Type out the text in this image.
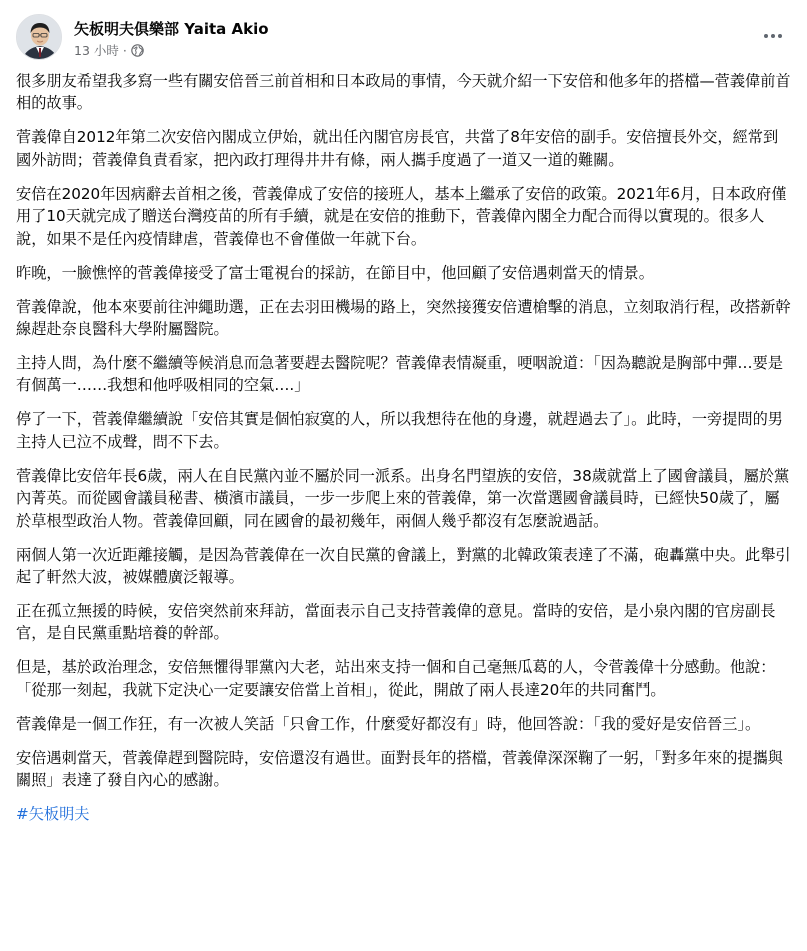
矢板明夫俱樂部 Yaita Akio
13 小時 ·

很多朋友希望我多寫一些有關安倍晉三前首相和日本政局的事情，今天就介紹一下安倍和他多年的搭檔—菅義偉前首相的故事。

菅義偉自2012年第二次安倍內閣成立伊始，就出任內閣官房長官，共當了8年安倍的副手。安倍擅長外交，經常到國外訪問；菅義偉負責看家，把內政打理得井井有條，兩人攜手度過了一道又一道的難關。

安倍在2020年因病辭去首相之後，菅義偉成了安倍的接班人，基本上繼承了安倍的政策。2021年6月，日本政府僅用了10天就完成了贈送台灣疫苗的所有手續，就是在安倍的推動下，菅義偉內閣全力配合而得以實現的。很多人說，如果不是任內疫情肆虐，菅義偉也不會僅做一年就下台。

昨晚，一臉憔悴的菅義偉接受了富士電視台的採訪，在節目中，他回顧了安倍遇刺當天的情景。

菅義偉說，他本來要前往沖繩助選，正在去羽田機場的路上，突然接獲安倍遭槍擊的消息，立刻取消行程，改搭新幹線趕赴奈良醫科大學附屬醫院。

主持人問，為什麼不繼續等候消息而急著要趕去醫院呢？菅義偉表情凝重，哽咽說道：「因為聽說是胸部中彈…要是有個萬一……我想和他呼吸相同的空氣….」

停了一下，菅義偉繼續說「安倍其實是個怕寂寞的人，所以我想待在他的身邊，就趕過去了」。此時，一旁提問的男主持人已泣不成聲，問不下去。

菅義偉比安倍年長6歲，兩人在自民黨內並不屬於同一派系。出身名門望族的安倍，38歲就當上了國會議員，屬於黨內菁英。而從國會議員秘書、橫濱市議員，一步一步爬上來的菅義偉，第一次當選國會議員時，已經快50歲了，屬於草根型政治人物。菅義偉回顧，同在國會的最初幾年，兩個人幾乎都沒有怎麼說過話。

兩個人第一次近距離接觸，是因為菅義偉在一次自民黨的會議上，對黨的北韓政策表達了不滿，砲轟黨中央。此舉引起了軒然大波，被媒體廣泛報導。

正在孤立無援的時候，安倍突然前來拜訪，當面表示自己支持菅義偉的意見。當時的安倍，是小泉內閣的官房副長官，是自民黨重點培養的幹部。

但是，基於政治理念，安倍無懼得罪黨內大老，站出來支持一個和自己毫無瓜葛的人，令菅義偉十分感動。他說：「從那一刻起，我就下定決心一定要讓安倍當上首相」，從此，開啟了兩人長達20年的共同奮鬥。

菅義偉是一個工作狂，有一次被人笑話「只會工作，什麼愛好都沒有」時，他回答說：「我的愛好是安倍晉三」。

安倍遇刺當天，菅義偉趕到醫院時，安倍還沒有過世。面對長年的搭檔，菅義偉深深鞠了一躬，「對多年來的提攜與關照」表達了發自內心的感謝。

#矢板明夫
